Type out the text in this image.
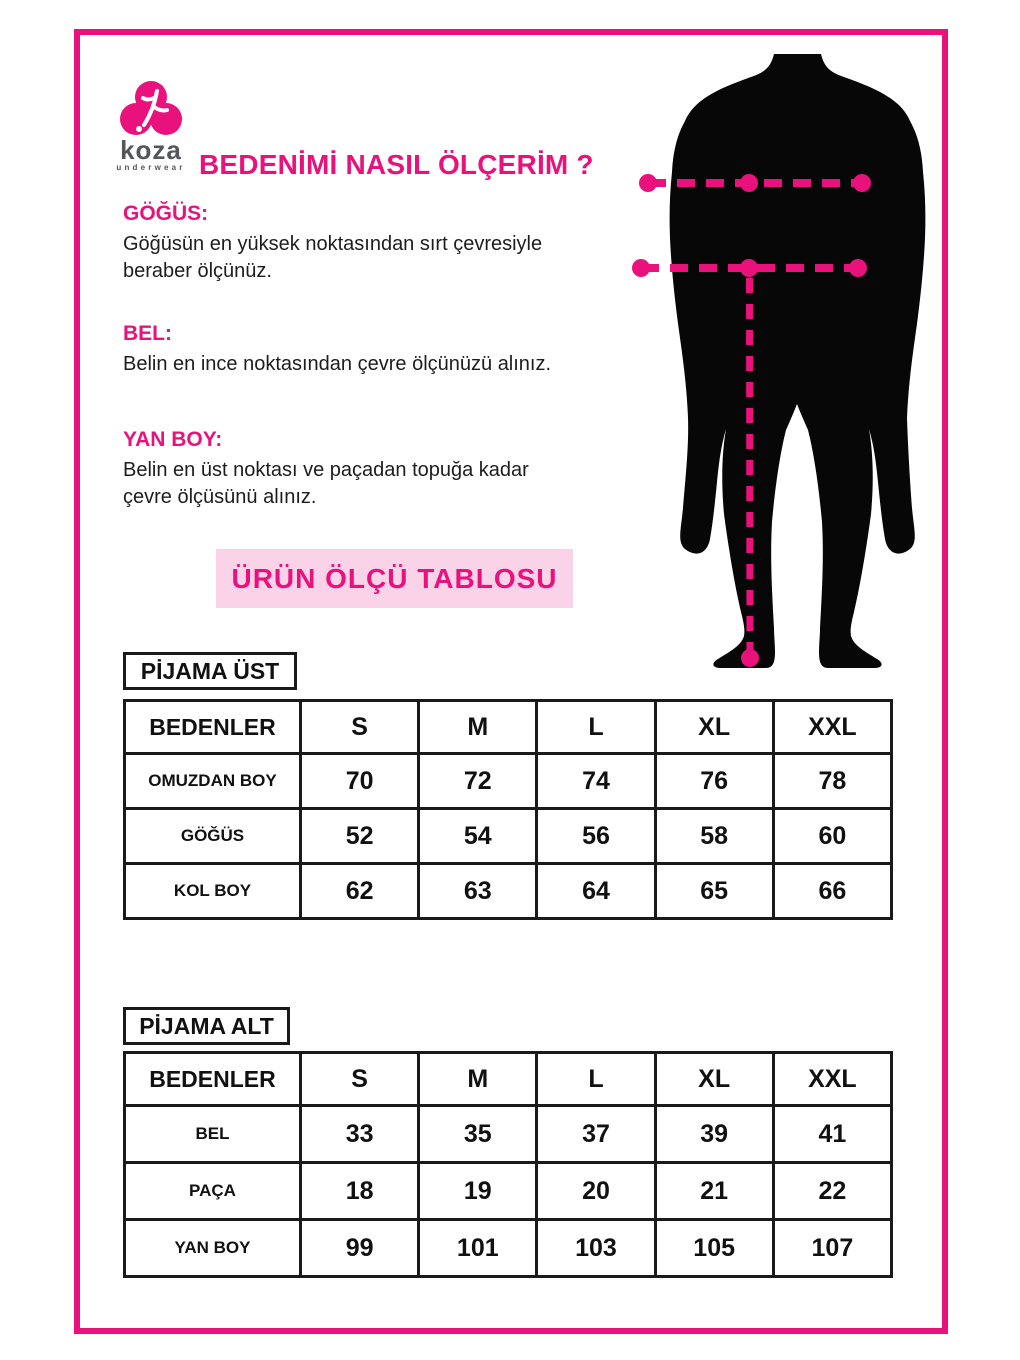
koza
underwear BEDENİMİ NASIL ÖLÇERİM ?
GÖĞÜS:
Göğüsün en yüksek noktasından sırt çevresiyle beraber ölçünüz.
BEL:
Belin en ince noktasından çevre ölçünüzü alınız.
YAN BOY:
Belin en üst noktası ve paçadan topuğa kadar çevre ölçüsünü alınız.
ÜRÜN ÖLÇÜ TABLOSU
PİJAMA ÜST
BEDENLER	S	M	L	XL	XXL
OMUZDAN BOY	70	72	74	76	78
GÖĞÜS	52	54	56	58	60
KOL BOY	62	63	64	65	66
PİJAMA ALT
BEDENLER	S	M	L	XL	XXL
BEL	33	35	37	39	41
PAÇA	18	19	20	21	22
YAN BOY	99	101	103	105	107
